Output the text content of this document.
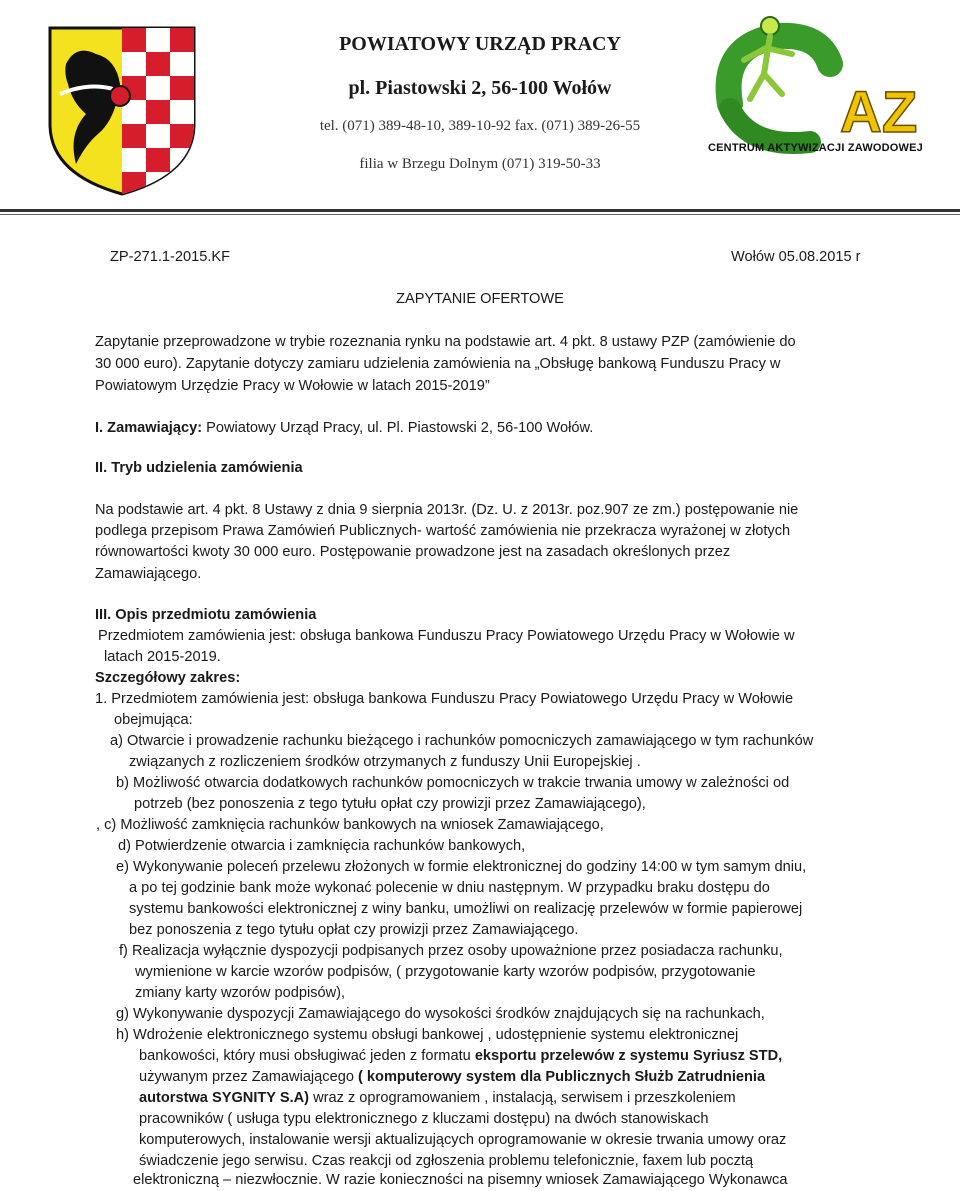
POWIATOWY URZĄD PRACY
pl. Piastowski 2, 56-100 Wołów
tel. (071) 389-48-10, 389-10-92 fax. (071) 389-26-55
filia w Brzegu Dolnym (071) 319-50-33
AZ
CENTRUM AKTYWIZACJI ZAWODOWEJ
ZP-271.1-2015.KF	Wołów 05.08.2015 r
ZAPYTANIE OFERTOWE
Zapytanie przeprowadzone w trybie rozeznania rynku na podstawie art. 4 pkt. 8 ustawy PZP (zamówienie do
30 000 euro). Zapytanie dotyczy zamiaru udzielenia zamówienia na „Obsługę bankową Funduszu Pracy w
Powiatowym Urzędzie Pracy w Wołowie w latach 2015-2019”
I. Zamawiający: Powiatowy Urząd Pracy, ul. Pl. Piastowski 2, 56-100 Wołów.
II. Tryb udzielenia zamówienia
Na podstawie art. 4 pkt. 8 Ustawy z dnia 9 sierpnia 2013r. (Dz. U. z 2013r. poz.907 ze zm.) postępowanie nie
podlega przepisom Prawa Zamówień Publicznych- wartość zamówienia nie przekracza wyrażonej w złotych
równowartości kwoty 30 000 euro. Postępowanie prowadzone jest na zasadach określonych przez
Zamawiającego.
III. Opis przedmiotu zamówienia
Przedmiotem zamówienia jest: obsługa bankowa Funduszu Pracy Powiatowego Urzędu Pracy w Wołowie w
latach 2015-2019.
Szczegółowy zakres:
1. Przedmiotem zamówienia jest: obsługa bankowa Funduszu Pracy Powiatowego Urzędu Pracy w Wołowie
obejmująca:
a) Otwarcie i prowadzenie rachunku bieżącego i rachunków pomocniczych zamawiającego w tym rachunków
związanych z rozliczeniem środków otrzymanych z funduszy Unii Europejskiej .
b) Możliwość otwarcia dodatkowych rachunków pomocniczych w trakcie trwania umowy w zależności od
potrzeb (bez ponoszenia z tego tytułu opłat czy prowizji przez Zamawiającego),
, c) Możliwość zamknięcia rachunków bankowych na wniosek Zamawiającego,
d) Potwierdzenie otwarcia i zamknięcia rachunków bankowych,
e) Wykonywanie poleceń przelewu złożonych w formie elektronicznej do godziny 14:00 w tym samym dniu,
a po tej godzinie bank może wykonać polecenie w dniu następnym. W przypadku braku dostępu do
systemu bankowości elektronicznej z winy banku, umożliwi on realizację przelewów w formie papierowej
bez ponoszenia z tego tytułu opłat czy prowizji przez Zamawiającego.
f) Realizacja wyłącznie dyspozycji podpisanych przez osoby upoważnione przez posiadacza rachunku,
wymienione w karcie wzorów podpisów, ( przygotowanie karty wzorów podpisów, przygotowanie
zmiany karty wzorów podpisów),
g) Wykonywanie dyspozycji Zamawiającego do wysokości środków znajdujących się na rachunkach,
h) Wdrożenie elektronicznego systemu obsługi bankowej , udostępnienie systemu elektronicznej
bankowości, który musi obsługiwać jeden z formatu eksportu przelewów z systemu Syriusz STD,
używanym przez Zamawiającego ( komputerowy system dla Publicznych Służb Zatrudnienia
autorstwa SYGNITY S.A) wraz z oprogramowaniem , instalacją, serwisem i przeszkoleniem
pracowników ( usługa typu elektronicznego z kluczami dostępu) na dwóch stanowiskach
komputerowych, instalowanie wersji aktualizujących oprogramowanie w okresie trwania umowy oraz
świadczenie jego serwisu. Czas reakcji od zgłoszenia problemu telefonicznie, faxem lub pocztą
elektroniczną – niezwłocznie. W razie konieczności na pisemny wniosek Zamawiającego Wykonawca
